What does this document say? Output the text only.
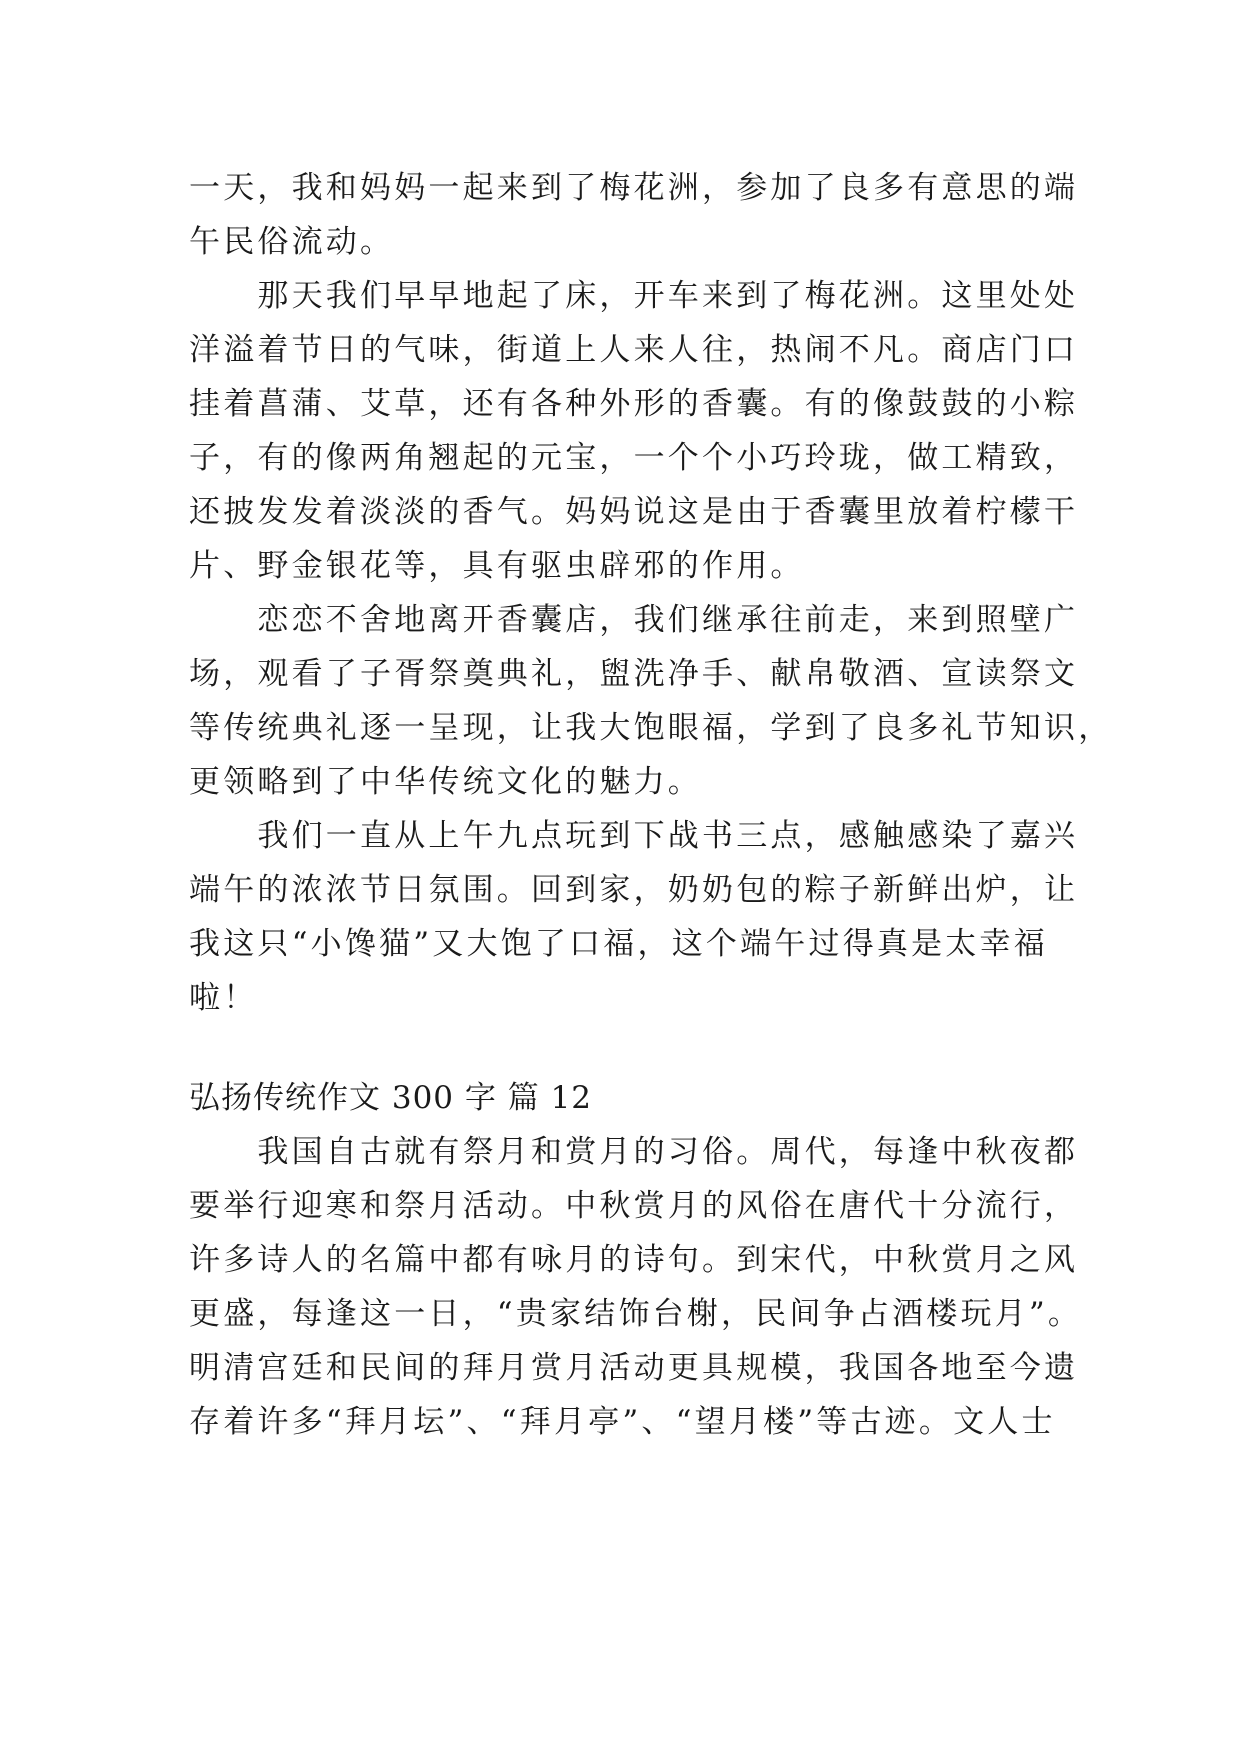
一天，我和妈妈一起来到了梅花洲，参加了良多有意思的端
午民俗流动。
　　那天我们早早地起了床，开车来到了梅花洲。这里处处
洋溢着节日的气味，街道上人来人往，热闹不凡。商店门口
挂着菖蒲、艾草，还有各种外形的香囊。有的像鼓鼓的小粽
子，有的像两角翘起的元宝，一个个小巧玲珑，做工精致，
还披发发着淡淡的香气。妈妈说这是由于香囊里放着柠檬干
片、野金银花等，具有驱虫辟邪的作用。
　　恋恋不舍地离开香囊店，我们继承往前走，来到照壁广
场，观看了子胥祭奠典礼，盥洗净手、献帛敬酒、宣读祭文
等传统典礼逐一呈现，让我大饱眼福，学到了良多礼节知识，
更领略到了中华传统文化的魅力。
　　我们一直从上午九点玩到下战书三点，感触感染了嘉兴
端午的浓浓节日氛围。回到家，奶奶包的粽子新鲜出炉，让
我这只“小馋猫”又大饱了口福，这个端午过得真是太幸福
啦！
弘扬传统作文 300 字 篇 12
　　我国自古就有祭月和赏月的习俗。周代，每逢中秋夜都
要举行迎寒和祭月活动。中秋赏月的风俗在唐代十分流行，
许多诗人的名篇中都有咏月的诗句。到宋代，中秋赏月之风
更盛，每逢这一日，“贵家结饰台榭，民间争占酒楼玩月”。
明清宫廷和民间的拜月赏月活动更具规模，我国各地至今遗
存着许多“拜月坛”、“拜月亭”、“望月楼”等古迹。文人士
